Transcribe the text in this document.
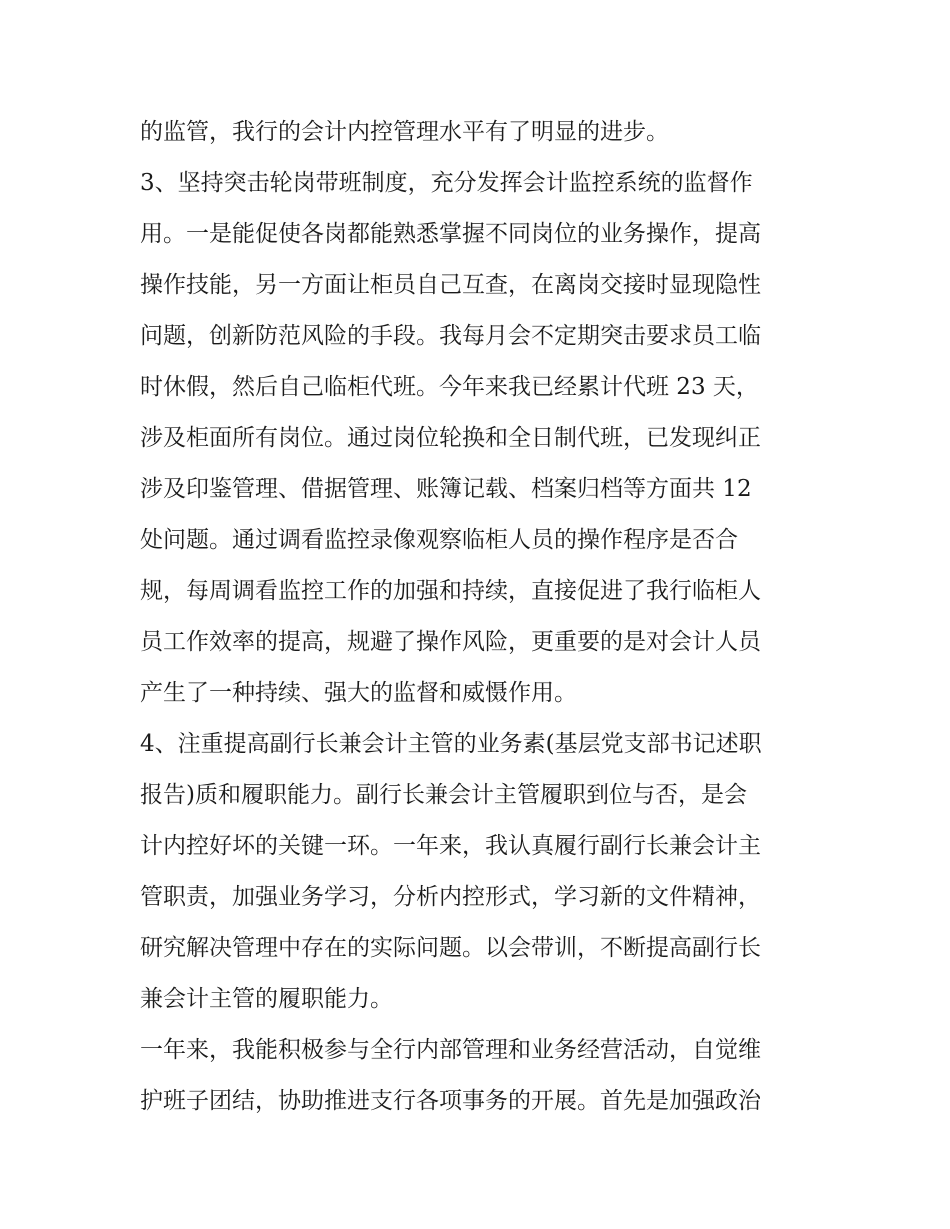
的监管，我行的会计内控管理水平有了明显的进步。
3、坚持突击轮岗带班制度，充分发挥会计监控系统的监督作
用。一是能促使各岗都能熟悉掌握不同岗位的业务操作，提高
操作技能，另一方面让柜员自己互查，在离岗交接时显现隐性
问题，创新防范风险的手段。我每月会不定期突击要求员工临
时休假，然后自己临柜代班。今年来我已经累计代班 23 天，
涉及柜面所有岗位。通过岗位轮换和全日制代班，已发现纠正
涉及印鉴管理、借据管理、账簿记载、档案归档等方面共 12
处问题。通过调看监控录像观察临柜人员的操作程序是否合
规，每周调看监控工作的加强和持续，直接促进了我行临柜人
员工作效率的提高，规避了操作风险，更重要的是对会计人员
产生了一种持续、强大的监督和威慑作用。
4、注重提高副行长兼会计主管的业务素(基层党支部书记述职
报告)质和履职能力。副行长兼会计主管履职到位与否，是会
计内控好坏的关键一环。一年来，我认真履行副行长兼会计主
管职责，加强业务学习，分析内控形式，学习新的文件精神，
研究解决管理中存在的实际问题。以会带训，不断提高副行长
兼会计主管的履职能力。
一年来，我能积极参与全行内部管理和业务经营活动，自觉维
护班子团结，协助推进支行各项事务的开展。首先是加强政治
